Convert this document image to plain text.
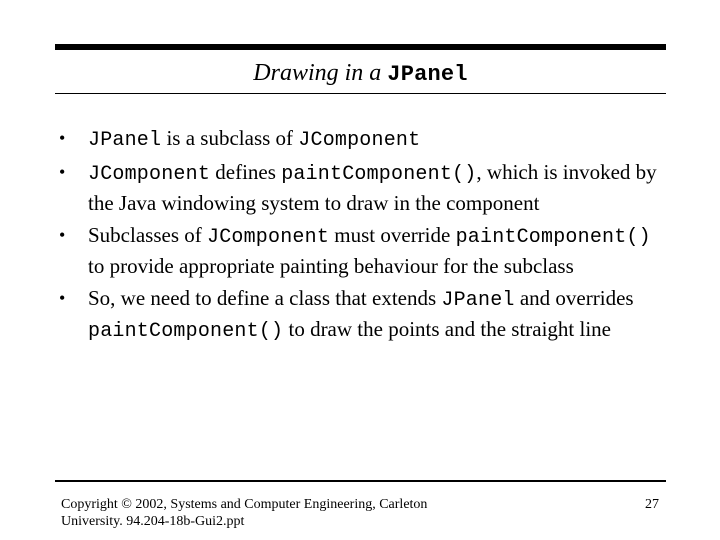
Drawing in a JPanel
• JPanel is a subclass of JComponent
• JComponent defines paintComponent(), which is invoked by the Java windowing system to draw in the component
• Subclasses of JComponent must override paintComponent() to provide appropriate painting behaviour for the subclass
• So, we need to define a class that extends JPanel and overrides paintComponent() to draw the points and the straight line
Copyright © 2002, Systems and Computer Engineering, Carleton University. 94.204-18b-Gui2.ppt
27
